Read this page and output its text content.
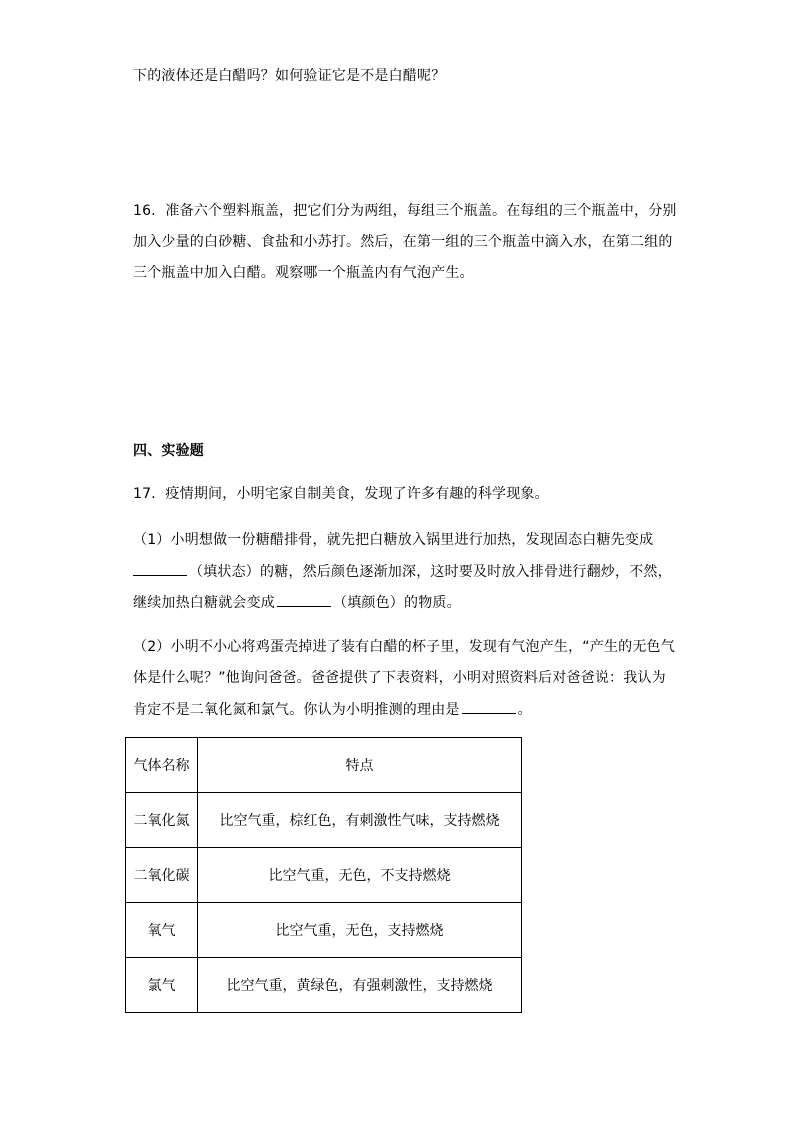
下的液体还是白醋吗？如何验证它是不是白醋呢？
16．准备六个塑料瓶盖，把它们分为两组，每组三个瓶盖。在每组的三个瓶盖中，分别
加入少量的白砂糖、食盐和小苏打。然后，在第一组的三个瓶盖中滴入水，在第二组的
三个瓶盖中加入白醋。观察哪一个瓶盖内有气泡产生。
四、实验题
17．疫情期间，小明宅家自制美食，发现了许多有趣的科学现象。
（1）小明想做一份糖醋排骨，就先把白糖放入锅里进行加热，发现固态白糖先变成
（填状态）的糖，然后颜色逐渐加深，这时要及时放入排骨进行翻炒，不然，
继续加热白糖就会变成	（填颜色）的物质。
（2）小明不小心将鸡蛋壳掉进了装有白醋的杯子里，发现有气泡产生，“产生的无色气
体是什么呢？”他询问爸爸。爸爸提供了下表资料，小明对照资料后对爸爸说：我认为
肯定不是二氧化氮和氯气。你认为小明推测的理由是	。
气体名称	特点
二氧化氮	比空气重，棕红色，有刺激性气味，支持燃烧
二氧化碳	比空气重，无色，不支持燃烧
氧气	比空气重，无色，支持燃烧
氯气	比空气重，黄绿色，有强刺激性，支持燃烧
